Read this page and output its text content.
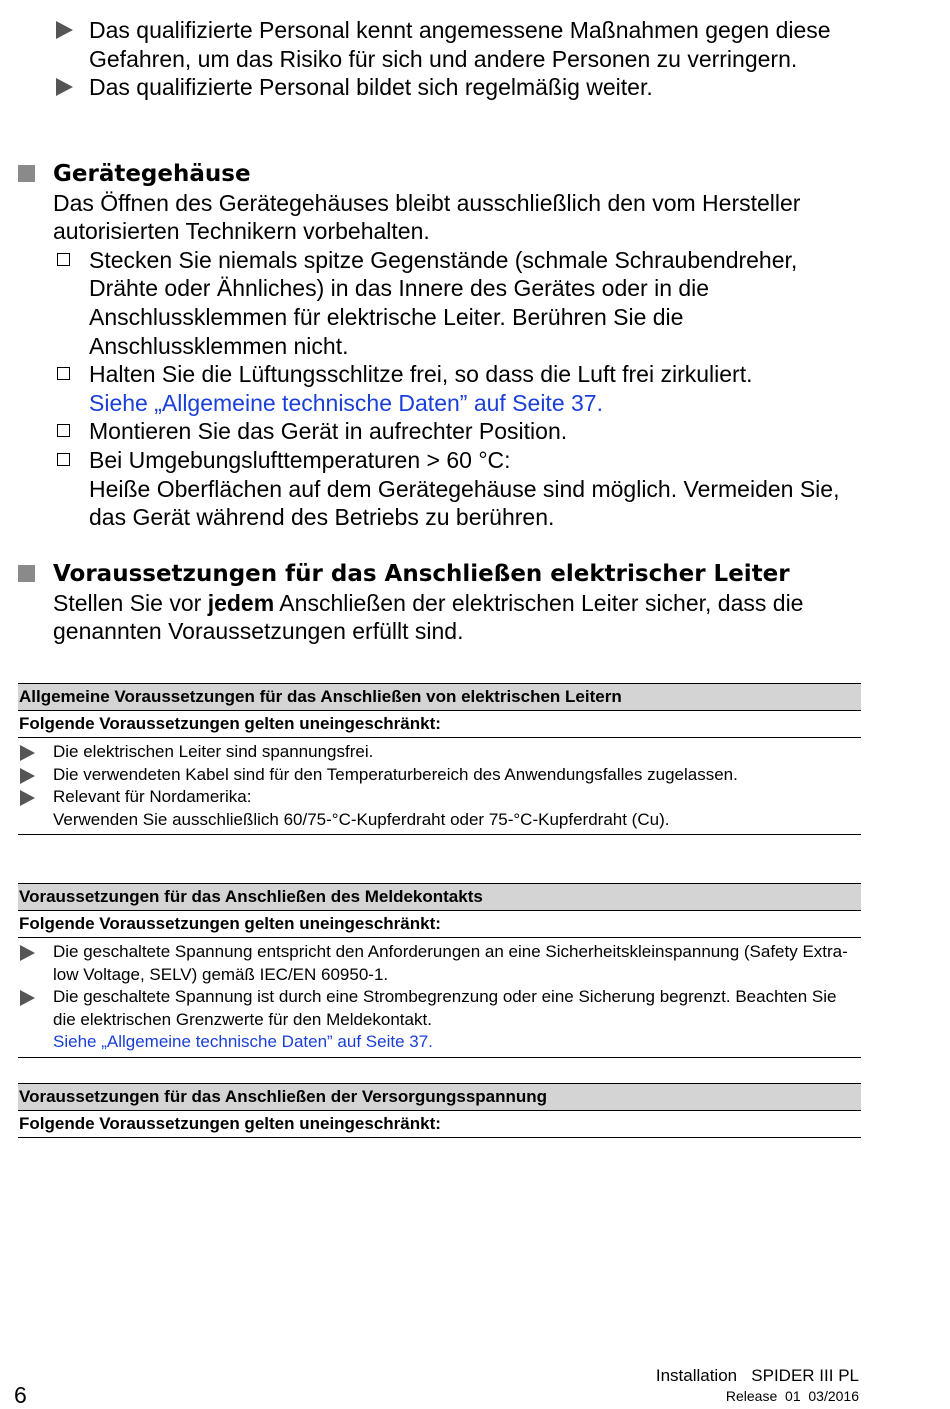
Das qualifizierte Personal kennt angemessene Maßnahmen gegen diese Gefahren, um das Risiko für sich und andere Personen zu verringern.
Das qualifizierte Personal bildet sich regelmäßig weiter.
Gerätegehäuse
Das Öffnen des Gerätegehäuses bleibt ausschließlich den vom Hersteller autorisierten Technikern vorbehalten.
Stecken Sie niemals spitze Gegenstände (schmale Schraubendreher, Drähte oder Ähnliches) in das Innere des Gerätes oder in die Anschlussklemmen für elektrische Leiter. Berühren Sie die Anschlussklemmen nicht.
Halten Sie die Lüftungsschlitze frei, so dass die Luft frei zirkuliert.
Siehe „Allgemeine technische Daten” auf Seite 37.
Montieren Sie das Gerät in aufrechter Position.
Bei Umgebungslufttemperaturen > 60 °C:
Heiße Oberflächen auf dem Gerätegehäuse sind möglich. Vermeiden Sie, das Gerät während des Betriebs zu berühren.
Voraussetzungen für das Anschließen elektrischer Leiter
Stellen Sie vor jedem Anschließen der elektrischen Leiter sicher, dass die genannten Voraussetzungen erfüllt sind.
Allgemeine Voraussetzungen für das Anschließen von elektrischen Leitern
Folgende Voraussetzungen gelten uneingeschränkt:
Die elektrischen Leiter sind spannungsfrei.
Die verwendeten Kabel sind für den Temperaturbereich des Anwendungsfalles zugelassen.
Relevant für Nordamerika:
Verwenden Sie ausschließlich 60/75-°C-Kupferdraht oder 75-°C-Kupferdraht (Cu).
Voraussetzungen für das Anschließen des Meldekontakts
Folgende Voraussetzungen gelten uneingeschränkt:
Die geschaltete Spannung entspricht den Anforderungen an eine Sicherheitskleinspannung (Safety Extra-low Voltage, SELV) gemäß IEC/EN 60950-1.
Die geschaltete Spannung ist durch eine Strombegrenzung oder eine Sicherung begrenzt. Beachten Sie die elektrischen Grenzwerte für den Meldekontakt.
Siehe „Allgemeine technische Daten” auf Seite 37.
Voraussetzungen für das Anschließen der Versorgungsspannung
Folgende Voraussetzungen gelten uneingeschränkt:
6
Installation   SPIDER III PL
Release  01  03/2016
